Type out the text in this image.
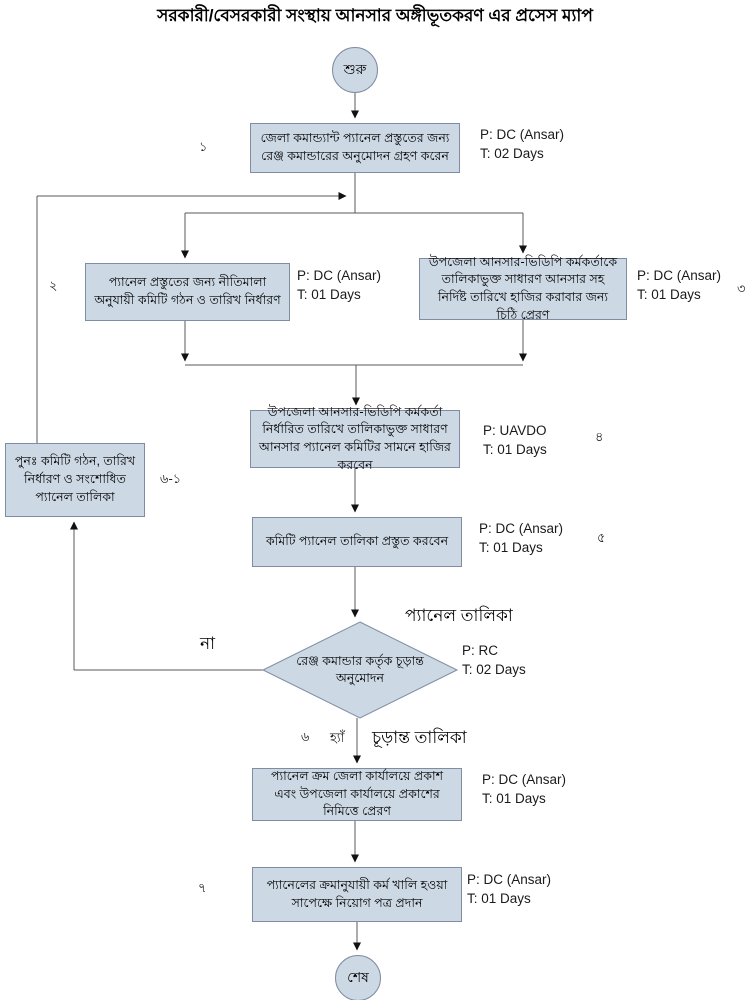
সরকারী/বেসরকারী সংস্থায় আনসার অঙ্গীভূতকরণ এর প্রসেস ম্যাপ
শুরু
শেষ
জেলা কমান্ড্যান্ট প্যানেল প্রস্তুতের জন্য রেঞ্জ কমান্ডারের অনুমোদন গ্রহণ করেন
P: DC (Ansar)
T: 02 Days
১
প্যানেল প্রস্তুতের জন্য নীতিমালা অনুযায়ী কমিটি গঠন ও তারিখ নির্ধারণ
P: DC (Ansar)
T: 01 Days
২
উপজেলা আনসার-ভিডিপি কর্মকর্তাকে তালিকাভুক্ত সাধারণ আনসার সহ নির্দিষ্ট তারিখে হাজির করাবার জন্য চিঠি প্রেরণ
P: DC (Ansar)
T: 01 Days	৩
উপজেলা আনসার-ভিডিপি কর্মকর্তা নির্ধারিত তারিখে তালিকাভুক্ত সাধারণ আনসার প্যানেল কমিটির সামনে হাজির করবেন
P: UAVDO
T: 01 Days
৪
পুনঃ কমিটি গঠন, তারিখ নির্ধারণ ও সংশোধিত প্যানেল তালিকা
৬-১
কমিটি প্যানেল তালিকা প্রস্তুত করবেন
P: DC (Ansar)
T: 01 Days
৫
প্যানেল তালিকা
রেঞ্জ কমান্ডার কর্তৃক চূড়ান্ত অনুমোদন
P: RC
T: 02 Days
না
৬ হ্যাঁ চূড়ান্ত তালিকা
প্যানেল ক্রম জেলা কার্যালয়ে প্রকাশ এবং উপজেলা কার্যালয়ে প্রকাশের নিমিত্তে প্রেরণ
P: DC (Ansar)
T: 01 Days
প্যানেলের ক্রমানুযায়ী কর্ম খালি হওয়া সাপেক্ষে নিয়োগ পত্র প্রদান
P: DC (Ansar)
T: 01 Days
৭
